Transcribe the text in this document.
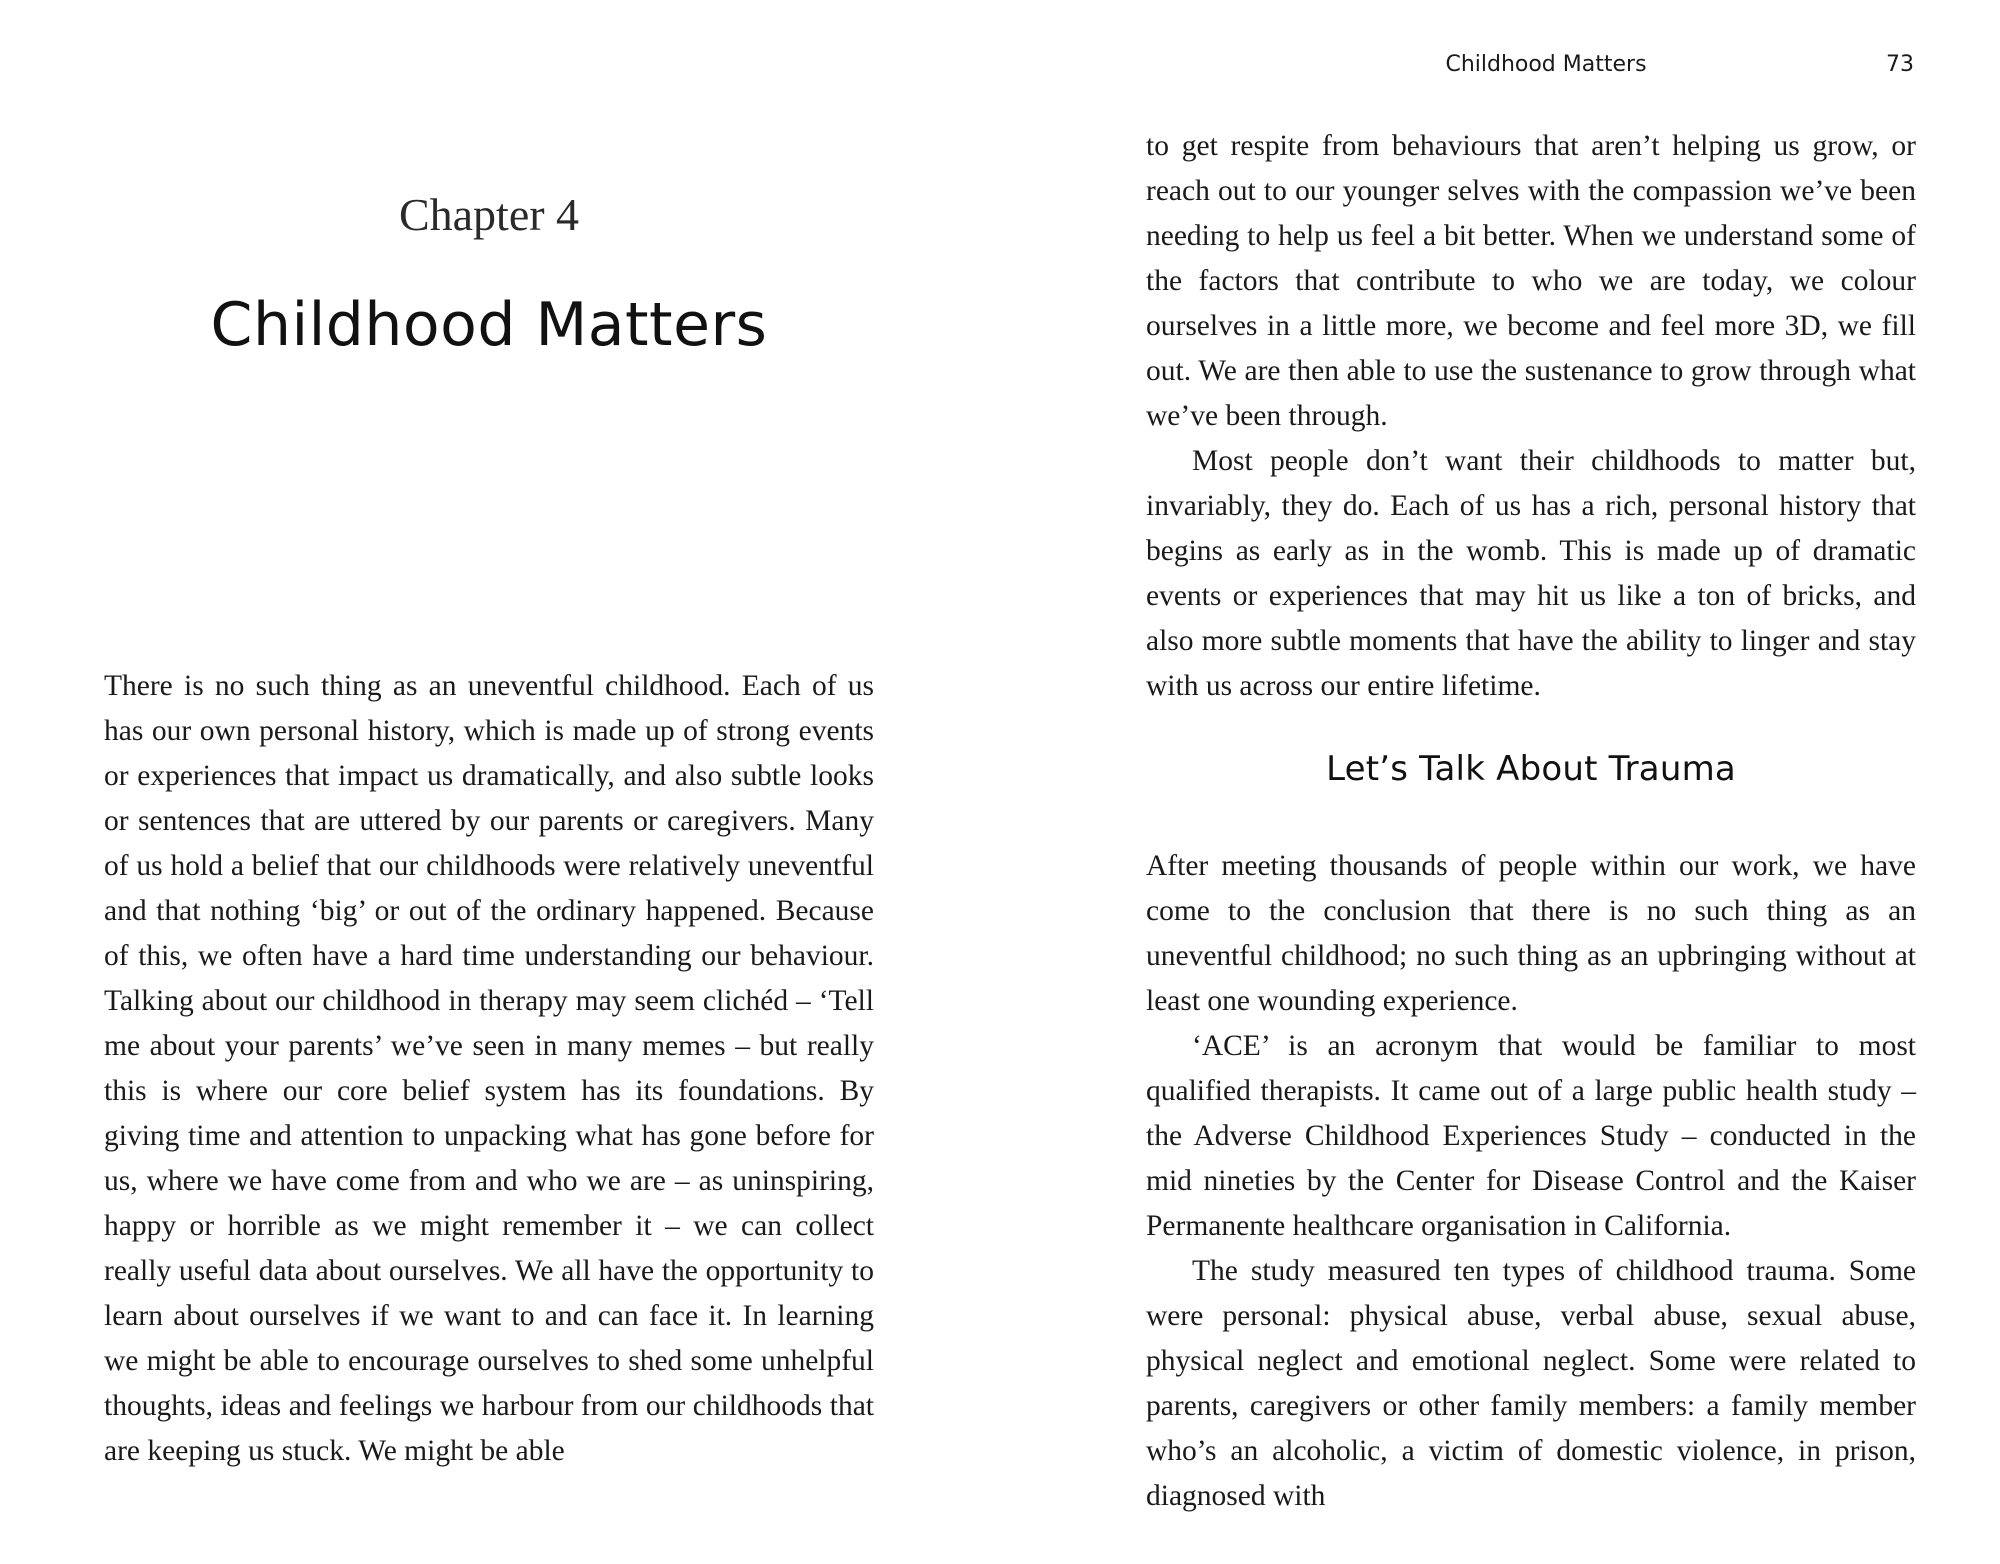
Chapter 4
Childhood Matters

There is no such thing as an uneventful childhood. Each of us has our own personal history, which is made up of strong events or experiences that impact us dramatically, and also subtle looks or sentences that are uttered by our parents or caregivers. Many of us hold a belief that our childhoods were relatively uneventful and that nothing ‘big’ or out of the ordinary happened. Because of this, we often have a hard time understanding our behaviour. Talking about our childhood in therapy may seem clichéd – ‘Tell me about your parents’ we’ve seen in many memes – but really this is where our core belief system has its foundations. By giving time and attention to unpacking what has gone before for us, where we have come from and who we are – as uninspiring, happy or horrible as we might remember it – we can collect really useful data about ourselves. We all have the opportunity to learn about ourselves if we want to and can face it. In learning we might be able to encourage ourselves to shed some unhelpful thoughts, ideas and feelings we harbour from our childhoods that are keeping us stuck. We might be able

Childhood Matters	73

to get respite from behaviours that aren’t helping us grow, or reach out to our younger selves with the compassion we’ve been needing to help us feel a bit better. When we understand some of the factors that contribute to who we are today, we colour ourselves in a little more, we become and feel more 3D, we fill out. We are then able to use the sustenance to grow through what we’ve been through.

Most people don’t want their childhoods to matter but, invariably, they do. Each of us has a rich, personal history that begins as early as in the womb. This is made up of dramatic events or experiences that may hit us like a ton of bricks, and also more subtle moments that have the ability to linger and stay with us across our entire lifetime.

Let’s Talk About Trauma

After meeting thousands of people within our work, we have come to the conclusion that there is no such thing as an uneventful childhood; no such thing as an upbringing without at least one wounding experience.

‘ACE’ is an acronym that would be familiar to most qualified therapists. It came out of a large public health study – the Adverse Childhood Experiences Study – conducted in the mid nineties by the Center for Disease Control and the Kaiser Permanente healthcare organisation in California.

The study measured ten types of childhood trauma. Some were personal: physical abuse, verbal abuse, sexual abuse, physical neglect and emotional neglect. Some were related to parents, caregivers or other family members: a family member who’s an alcoholic, a victim of domestic violence, in prison, diagnosed with
